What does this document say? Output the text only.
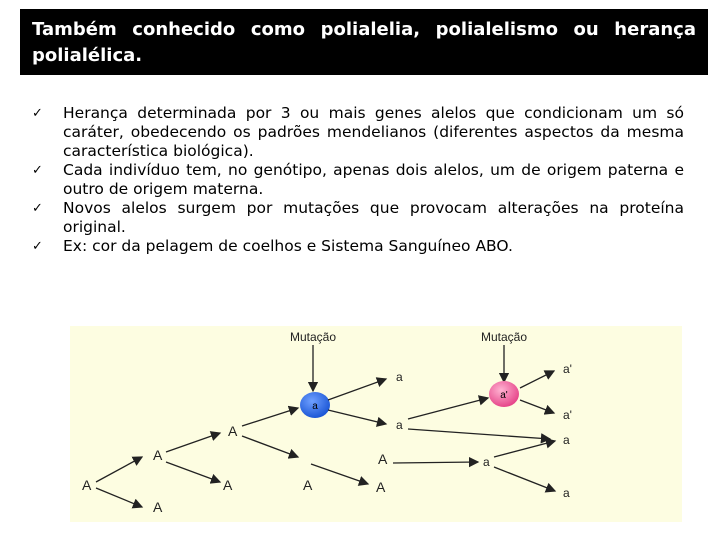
Também conhecido como polialelia, polialelismo ou herança polialélica.
✓ Herança determinada por 3 ou mais genes alelos que condicionam um só caráter, obedecendo os padrões mendelianos (diferentes aspectos da mesma característica biológica).
✓ Cada indivíduo tem, no genótipo, apenas dois alelos, um de origem paterna e outro de origem materna.
✓ Novos alelos surgem por mutações que provocam alterações na proteína original.
✓ Ex: cor da pelagem de coelhos e Sistema Sanguíneo ABO.
Mutação	Mutação
a
a'
A
A
A
A
A
A	A
A
a
a
a
a'
a'
a
a
